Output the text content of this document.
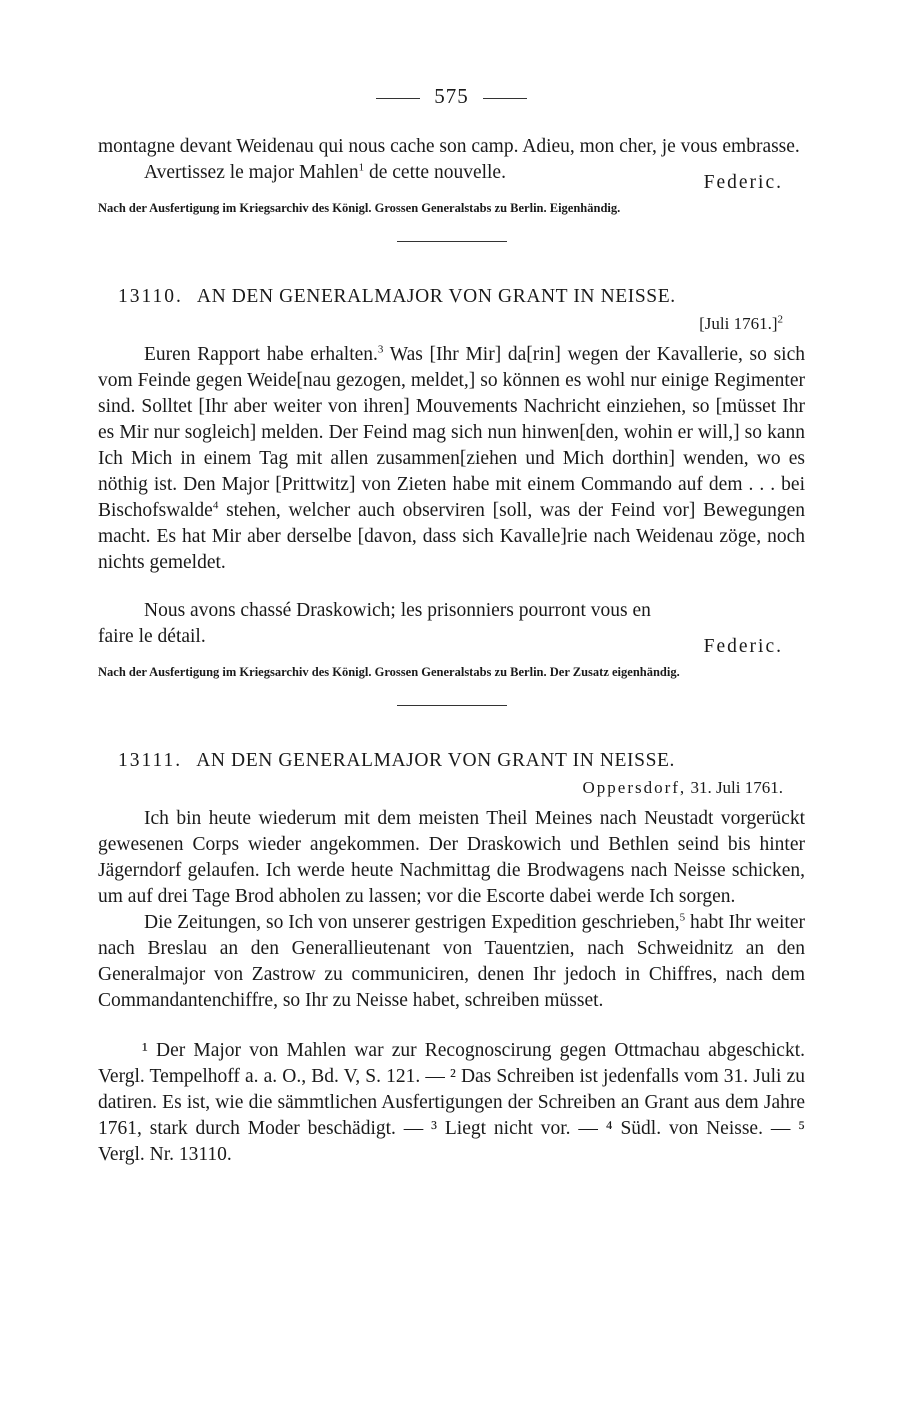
575

montagne devant Weidenau qui nous cache son camp. Adieu, mon cher, je vous embrasse.

Avertissez le major Mahlen$^1$ de cette nouvelle.	Federic.
Nach der Ausfertigung im Kriegsarchiv des Königl. Grossen Generalstabs zu Berlin. Eigenhändig.
13110. AN DEN GENERALMAJOR VON GRANT IN NEISSE.
[Juli 1761.]$^2$

Euren Rapport habe erhalten.$^3$ Was [Ihr Mir] da[rin] wegen der Kavallerie, so sich vom Feinde gegen Weide[nau gezogen, meldet,] so können es wohl nur einige Regimenter sind. Solltet [Ihr aber weiter von ihren] Mouvements Nachricht einziehen, so [müsset Ihr es Mir nur sogleich] melden. Der Feind mag sich nun hinwen[den, wohin er will,] so kann Ich Mich in einem Tag mit allen zusammen[ziehen und Mich dorthin] wenden, wo es nöthig ist. Den Major [Prittwitz] von Zieten habe mit einem Commando auf dem . . . bei Bischofswalde$^4$ stehen, welcher auch observiren [soll, was der Feind vor] Bewegungen macht. Es hat Mir aber derselbe [davon, dass sich Kavalle]rie nach Weidenau zöge, noch nichts gemeldet.

Nous avons chassé Draskowich; les prisonniers pourront vous en

faire le détail.	Federic.
Nach der Ausfertigung im Kriegsarchiv des Königl. Grossen Generalstabs zu Berlin. Der Zusatz eigenhändig.
13111. AN DEN GENERALMAJOR VON GRANT IN NEISSE.
Oppersdorf, 31. Juli 1761.

Ich bin heute wiederum mit dem meisten Theil Meines nach Neustadt vorgerückt gewesenen Corps wieder angekommen. Der Draskowich und Bethlen seind bis hinter Jägerndorf gelaufen. Ich werde heute Nachmittag die Brodwagens nach Neisse schicken, um auf drei Tage Brod abholen zu lassen; vor die Escorte dabei werde Ich sorgen.

Die Zeitungen, so Ich von unserer gestrigen Expedition geschrieben,$^5$ habt Ihr weiter nach Breslau an den Generallieutenant von Tauentzien, nach Schweidnitz an den Generalmajor von Zastrow zu communiciren, denen Ihr jedoch in Chiffres, nach dem Commandantenchiffre, so Ihr zu Neisse habet, schreiben müsset.

¹ Der Major von Mahlen war zur Recognoscirung gegen Ottmachau abgeschickt. Vergl. Tempelhoff a. a. O., Bd. V, S. 121. — ² Das Schreiben ist jedenfalls vom 31. Juli zu datiren. Es ist, wie die sämmtlichen Ausfertigungen der Schreiben an Grant aus dem Jahre 1761, stark durch Moder beschädigt. — ³ Liegt nicht vor. — ⁴ Südl. von Neisse. — ⁵ Vergl. Nr. 13110.
